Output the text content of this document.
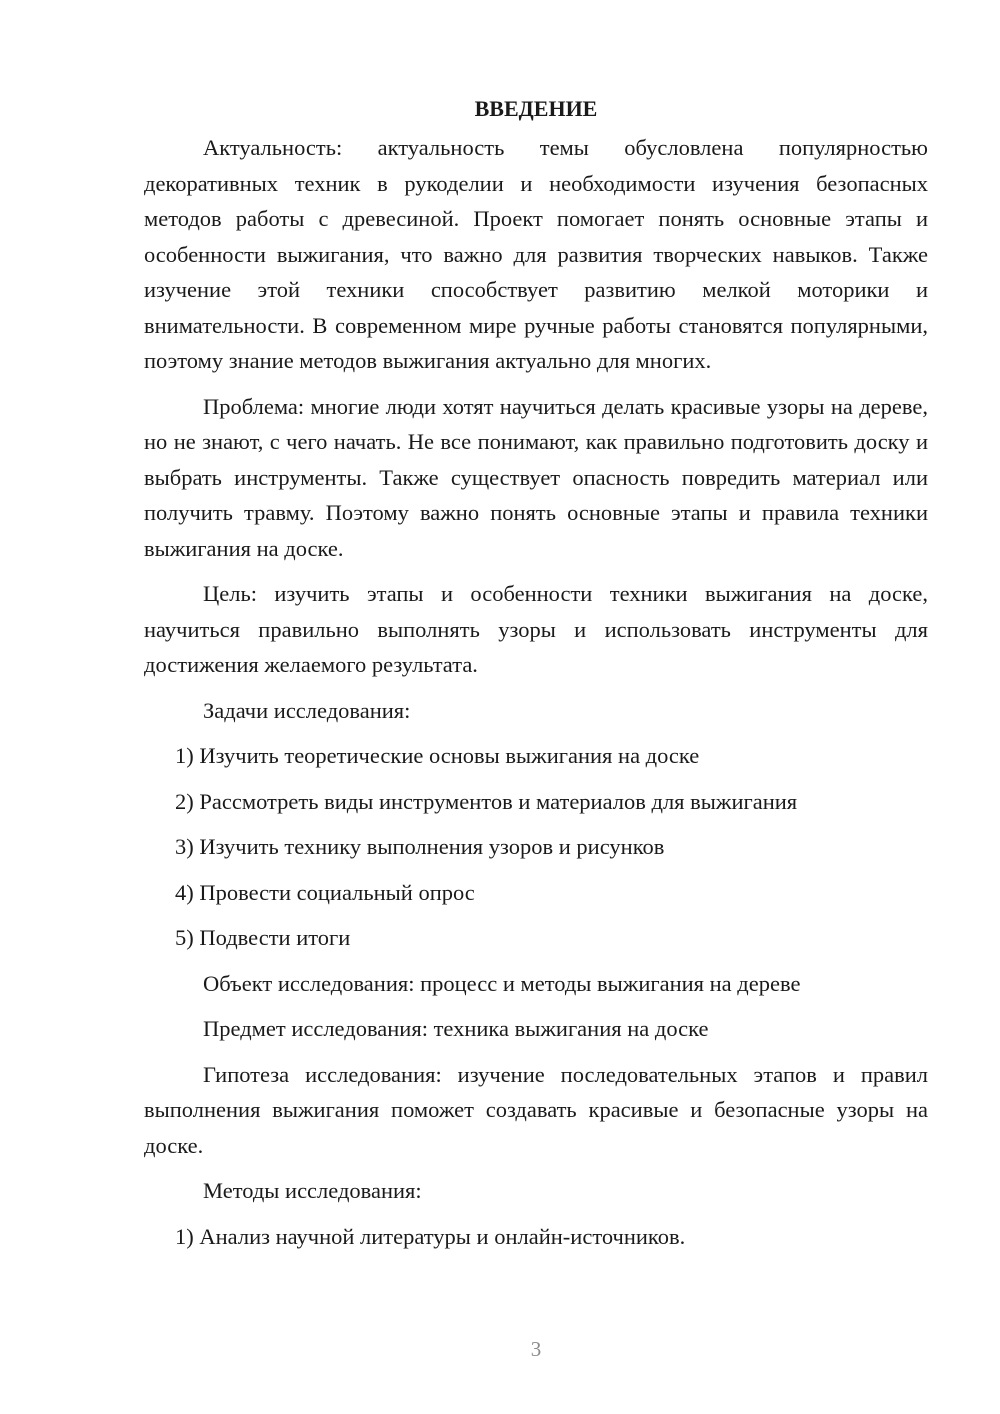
ВВЕДЕНИЕ

Актуальность: актуальность темы обусловлена популярностью декоративных техник в рукоделии и необходимости изучения безопасных методов работы с древесиной. Проект помогает понять основные этапы и особенности выжигания, что важно для развития творческих навыков. Также изучение этой техники способствует развитию мелкой моторики и внимательности. В современном мире ручные работы становятся популярными, поэтому знание методов выжигания актуально для многих.

Проблема: многие люди хотят научиться делать красивые узоры на дереве, но не знают, с чего начать. Не все понимают, как правильно подготовить доску и выбрать инструменты. Также существует опасность повредить материал или получить травму. Поэтому важно понять основные этапы и правила техники выжигания на доске.

Цель: изучить этапы и особенности техники выжигания на доске, научиться правильно выполнять узоры и использовать инструменты для достижения желаемого результата.

Задачи исследования:
1) Изучить теоретические основы выжигания на доске
2) Рассмотреть виды инструментов и материалов для выжигания
3) Изучить технику выполнения узоров и рисунков
4) Провести социальный опрос
5) Подвести итоги
Объект исследования: процесс и методы выжигания на дереве
Предмет исследования: техника выжигания на доске

Гипотеза исследования: изучение последовательных этапов и правил выполнения выжигания поможет создавать красивые и безопасные узоры на доске.

Методы исследования:
1) Анализ научной литературы и онлайн-источников.
3
